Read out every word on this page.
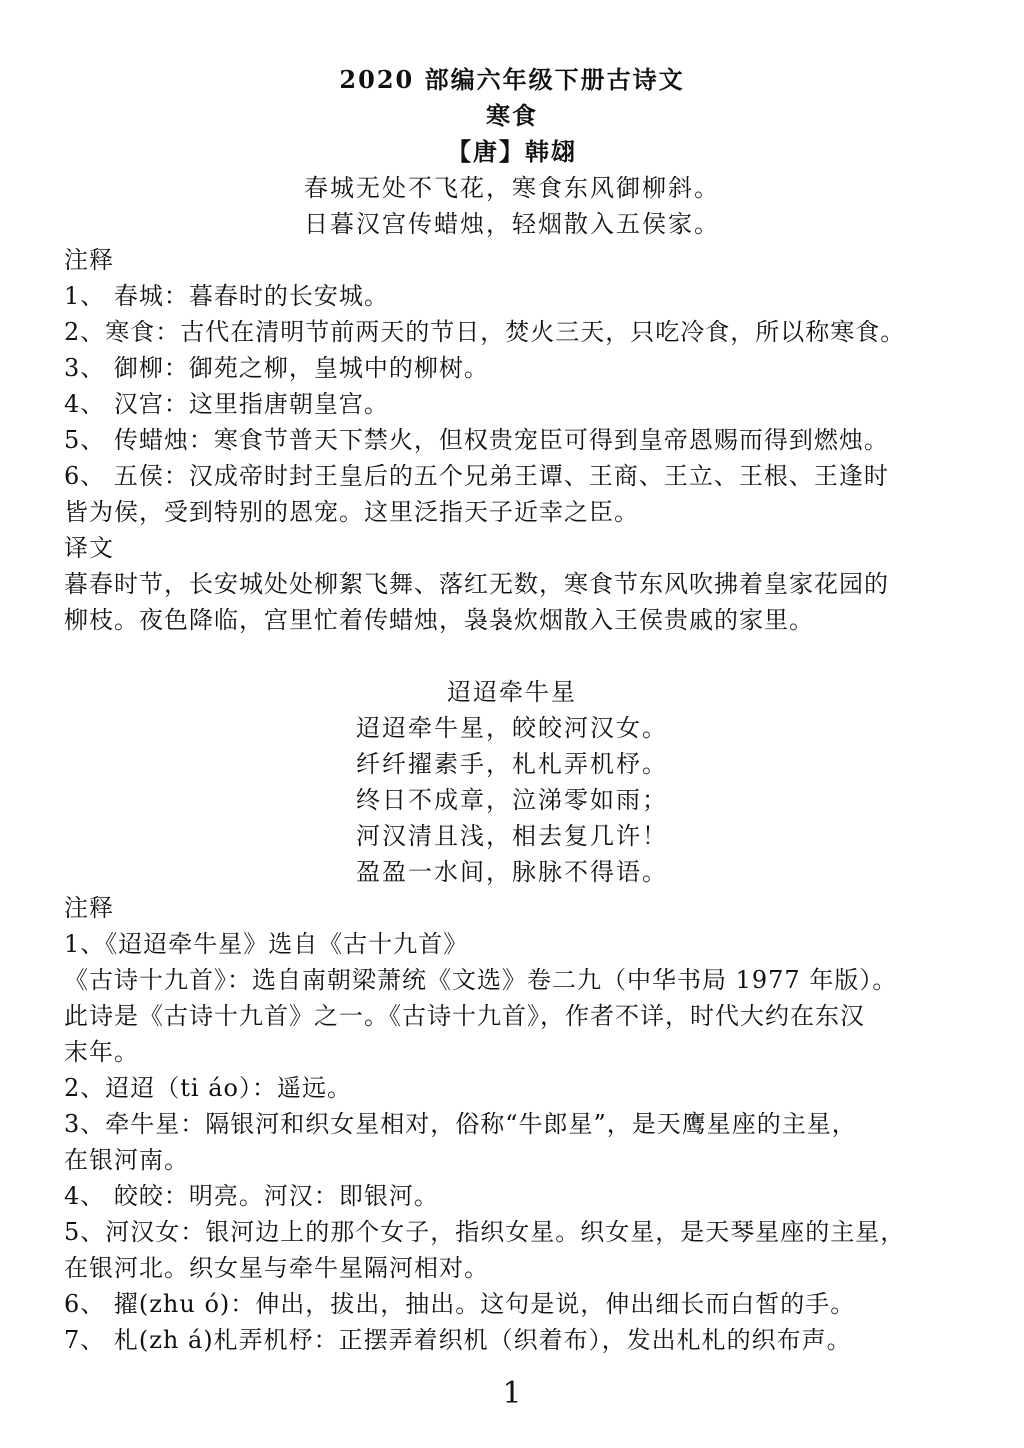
2020 部编六年级下册古诗文
寒食
【唐】韩翃
春城无处不飞花，寒食东风御柳斜。
日暮汉宫传蜡烛，轻烟散入五侯家。
注释
1、 春城：暮春时的长安城。
2、寒食：古代在清明节前两天的节日，焚火三天，只吃冷食，所以称寒食。
3、 御柳：御苑之柳，皇城中的柳树。
4、 汉宫：这里指唐朝皇宫。
5、 传蜡烛：寒食节普天下禁火，但权贵宠臣可得到皇帝恩赐而得到燃烛。
6、 五侯：汉成帝时封王皇后的五个兄弟王谭、王商、王立、王根、王逢时
皆为侯，受到特别的恩宠。这里泛指天子近幸之臣。
译文
暮春时节，长安城处处柳絮飞舞、落红无数，寒食节东风吹拂着皇家花园的
柳枝。夜色降临，宫里忙着传蜡烛，袅袅炊烟散入王侯贵戚的家里。
迢迢牵牛星
迢迢牵牛星，皎皎河汉女。
纤纤擢素手，札札弄机杼。
终日不成章，泣涕零如雨；
河汉清且浅，相去复几许！
盈盈一水间，脉脉不得语。
注释
1、《迢迢牵牛星》选自《古十九首》
《古诗十九首》：选自南朝梁萧统《文选》卷二九（中华书局 1977 年版）。
此诗是《古诗十九首》之一。《古诗十九首》，作者不详，时代大约在东汉
末年。
2、迢迢（ti áo）：遥远。
3、牵牛星：隔银河和织女星相对，俗称“牛郎星”，是天鹰星座的主星，
在银河南。
4、 皎皎：明亮。河汉：即银河。
5、河汉女：银河边上的那个女子，指织女星。织女星，是天琴星座的主星，
在银河北。织女星与牵牛星隔河相对。
6、 擢(zhu ó)：伸出，拔出，抽出。这句是说，伸出细长而白皙的手。
7、 札(zh á)札弄机杼：正摆弄着织机（织着布），发出札札的织布声。
1
